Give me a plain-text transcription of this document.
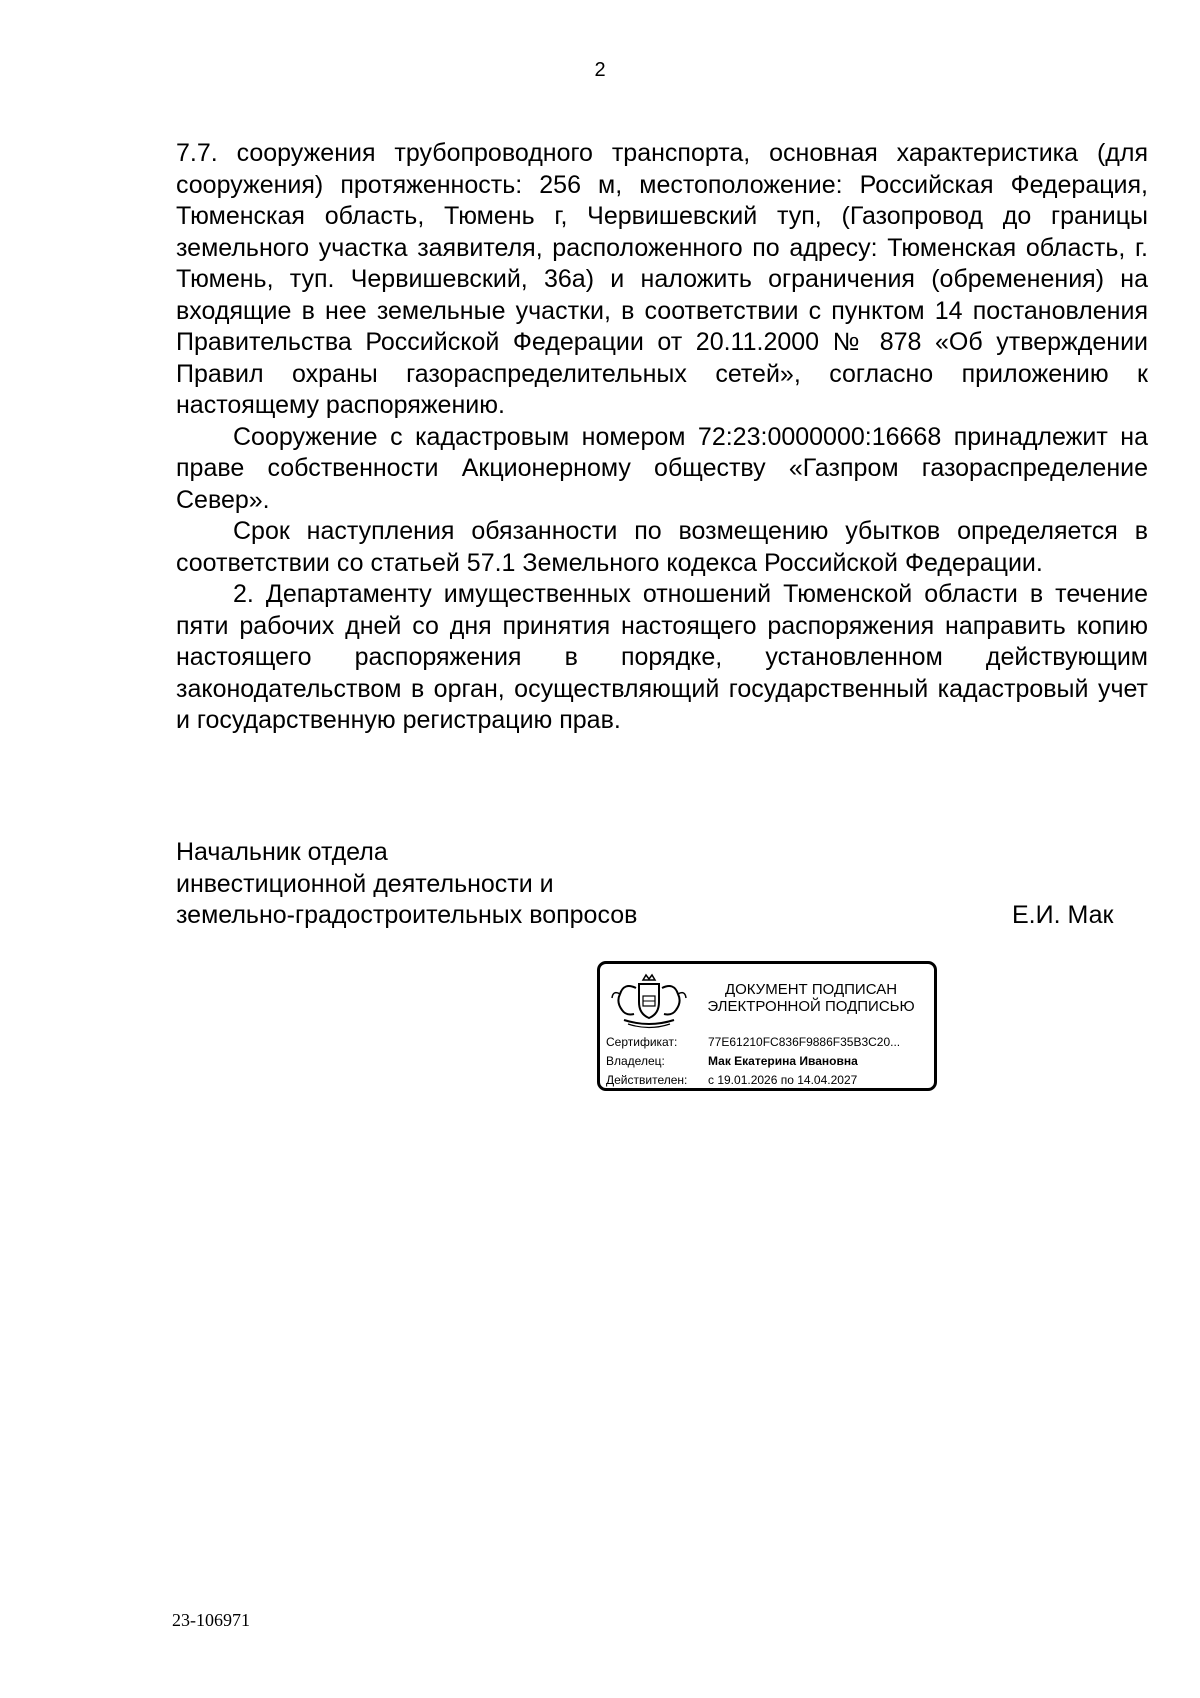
2

7.7. сооружения трубопроводного транспорта, основная характеристика (для сооружения) протяженность: 256 м, местоположение: Российская Федерация, Тюменская область, Тюмень г, Червишевский туп, (Газопровод до границы земельного участка заявителя, расположенного по адресу: Тюменская область, г. Тюмень, туп. Червишевский, 36а) и наложить ограничения (обременения) на входящие в нее земельные участки, в соответствии с пунктом 14 постановления Правительства Российской Федерации от 20.11.2000 № 878 «Об утверждении Правил охраны газораспределительных сетей», согласно приложению к настоящему распоряжению.

Сооружение с кадастровым номером 72:23:0000000:16668 принадлежит на праве собственности Акционерному обществу «Газпром газораспределение Север».

Срок наступления обязанности по возмещению убытков определяется в соответствии со статьей 57.1 Земельного кодекса Российской Федерации.

2. Департаменту имущественных отношений Тюменской области в течение пяти рабочих дней со дня принятия настоящего распоряжения направить копию настоящего распоряжения в порядке, установленном действующим законодательством в орган, осуществляющий государственный кадастровый учет и государственную регистрацию прав.

Начальник отдела
инвестиционной деятельности и
земельно-градостроительных вопросов	Е.И. Мак
ДОКУМЕНТ ПОДПИСАН
ЭЛЕКТРОННОЙ ПОДПИСЬЮ
Сертификат:	77E61210FC836F9886F35B3C20...
Владелец:	Мак Екатерина Ивановна
Действителен: с 19.01.2026 по 14.04.2027
23-106971
